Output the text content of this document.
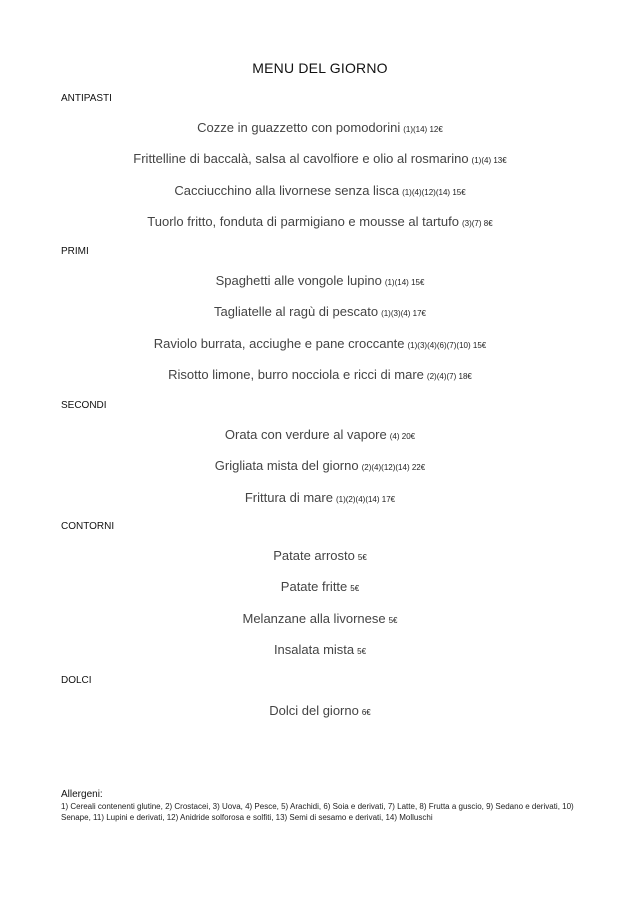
MENU DEL GIORNO
ANTIPASTI
Cozze in guazzetto con pomodorini (1)(14) 12€
Frittelline di baccalà, salsa al cavolfiore e olio al rosmarino (1)(4) 13€
Cacciucchino alla livornese senza lisca (1)(4)(12)(14) 15€
Tuorlo fritto, fonduta di parmigiano e mousse al tartufo (3)(7) 8€
PRIMI
Spaghetti alle vongole lupino (1)(14) 15€
Tagliatelle al ragù di pescato (1)(3)(4) 17€
Raviolo burrata, acciughe e pane croccante (1)(3)(4)(6)(7)(10) 15€
Risotto limone, burro nocciola e ricci di mare (2)(4)(7) 18€
SECONDI
Orata con verdure al vapore (4) 20€
Grigliata mista del giorno (2)(4)(12)(14) 22€
Frittura di mare (1)(2)(4)(14) 17€
CONTORNI
Patate arrosto 5€
Patate fritte 5€
Melanzane alla livornese 5€
Insalata mista 5€
DOLCI
Dolci del giorno 6€
Allergeni:
1) Cereali contenenti glutine, 2) Crostacei, 3) Uova, 4) Pesce, 5) Arachidi, 6) Soia e derivati, 7) Latte, 8) Frutta a guscio, 9) Sedano e derivati, 10) Senape, 11) Lupini e derivati, 12) Anidride solforosa e solfiti, 13) Semi di sesamo e derivati, 14) Molluschi
